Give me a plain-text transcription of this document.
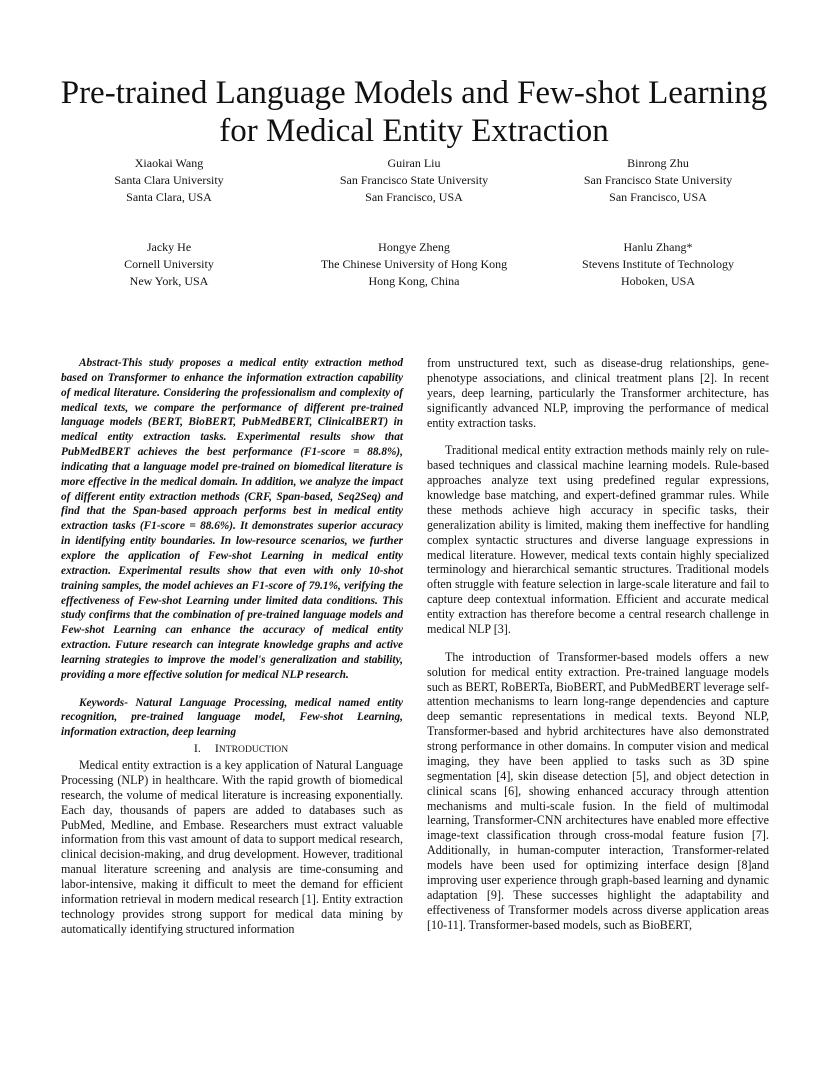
Pre-trained Language Models and Few-shot Learning
for Medical Entity Extraction
Xiaokai Wang
Santa Clara University
Santa Clara, USA
Guiran Liu
San Francisco State University
San Francisco, USA
Binrong Zhu
San Francisco State University
San Francisco, USA
Jacky He
Cornell University
New York, USA
Hongye Zheng
The Chinese University of Hong Kong
Hong Kong, China
Hanlu Zhang*
Stevens Institute of Technology
Hoboken, USA

Abstract-This study proposes a medical entity extraction method based on Transformer to enhance the information extraction capability of medical literature. Considering the professionalism and complexity of medical texts, we compare the performance of different pre-trained language models (BERT, BioBERT, PubMedBERT, ClinicalBERT) in medical entity extraction tasks. Experimental results show that PubMedBERT achieves the best performance (F1-score = 88.8%), indicating that a language model pre-trained on biomedical literature is more effective in the medical domain. In addition, we analyze the impact of different entity extraction methods (CRF, Span-based, Seq2Seq) and find that the Span-based approach performs best in medical entity extraction tasks (F1-score = 88.6%). It demonstrates superior accuracy in identifying entity boundaries. In low-resource scenarios, we further explore the application of Few-shot Learning in medical entity extraction. Experimental results show that even with only 10-shot training samples, the model achieves an F1-score of 79.1%, verifying the effectiveness of Few-shot Learning under limited data conditions. This study confirms that the combination of pre-trained language models and Few-shot Learning can enhance the accuracy of medical entity extraction. Future research can integrate knowledge graphs and active learning strategies to improve the model's generalization and stability, providing a more effective solution for medical NLP research.

Keywords- Natural Language Processing, medical named entity recognition, pre-trained language model, Few-shot Learning, information extraction, deep learning

I. INTRODUCTION

Medical entity extraction is a key application of Natural Language Processing (NLP) in healthcare. With the rapid growth of biomedical research, the volume of medical literature is increasing exponentially. Each day, thousands of papers are added to databases such as PubMed, Medline, and Embase. Researchers must extract valuable information from this vast amount of data to support medical research, clinical decision-making, and drug development. However, traditional manual literature screening and analysis are time-consuming and labor-intensive, making it difficult to meet the demand for efficient information retrieval in modern medical research [1]. Entity extraction technology provides strong support for medical data mining by automatically identifying structured information

from unstructured text, such as disease-drug relationships, gene-phenotype associations, and clinical treatment plans [2]. In recent years, deep learning, particularly the Transformer architecture, has significantly advanced NLP, improving the performance of medical entity extraction tasks.

Traditional medical entity extraction methods mainly rely on rule-based techniques and classical machine learning models. Rule-based approaches analyze text using predefined regular expressions, knowledge base matching, and expert-defined grammar rules. While these methods achieve high accuracy in specific tasks, their generalization ability is limited, making them ineffective for handling complex syntactic structures and diverse language expressions in medical literature. However, medical texts contain highly specialized terminology and hierarchical semantic structures. Traditional models often struggle with feature selection in large-scale literature and fail to capture deep contextual information. Efficient and accurate medical entity extraction has therefore become a central research challenge in medical NLP [3].

The introduction of Transformer-based models offers a new solution for medical entity extraction. Pre-trained language models such as BERT, RoBERTa, BioBERT, and PubMedBERT leverage self-attention mechanisms to learn long-range dependencies and capture deep semantic representations in medical texts. Beyond NLP, Transformer-based and hybrid architectures have also demonstrated strong performance in other domains. In computer vision and medical imaging, they have been applied to tasks such as 3D spine segmentation [4], skin disease detection [5], and object detection in clinical scans [6], showing enhanced accuracy through attention mechanisms and multi-scale fusion. In the field of multimodal learning, Transformer-CNN architectures have enabled more effective image-text classification through cross-modal feature fusion [7]. Additionally, in human-computer interaction, Transformer-related models have been used for optimizing interface design [8]and improving user experience through graph-based learning and dynamic adaptation [9]. These successes highlight the adaptability and effectiveness of Transformer models across diverse application areas [10-11]. Transformer-based models, such as BioBERT,
